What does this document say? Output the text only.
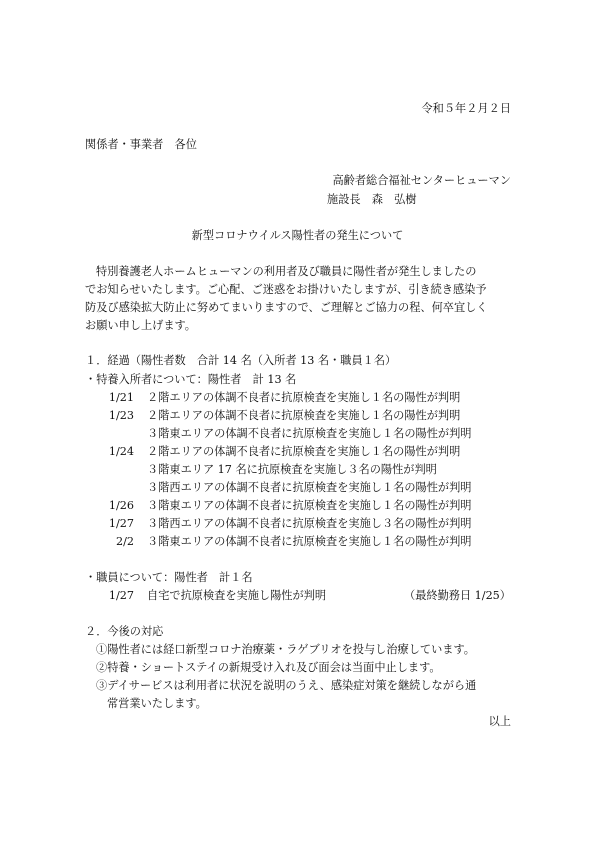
令和５年２月２日
関係者・事業者　各位
高齢者総合福祉センターヒューマン
施設長　森　弘樹
新型コロナウイルス陽性者の発生について
特別養護老人ホームヒューマンの利用者及び職員に陽性者が発生しましたの
でお知らせいたします。ご心配、ご迷惑をお掛けいたしますが、引き続き感染予
防及び感染拡大防止に努めてまいりますので、ご理解とご協力の程、何卒宜しく
お願い申し上げます。
１．経過（陽性者数　合計 14 名（入所者 13 名・職員１名）
・特養入所者について：陽性者　計 13 名
1/21 ２階エリアの体調不良者に抗原検査を実施し１名の陽性が判明
1/23 ２階エリアの体調不良者に抗原検査を実施し１名の陽性が判明
３階東エリアの体調不良者に抗原検査を実施し１名の陽性が判明
1/24 ２階エリアの体調不良者に抗原検査を実施し１名の陽性が判明
３階東エリア 17 名に抗原検査を実施し３名の陽性が判明
３階西エリアの体調不良者に抗原検査を実施し１名の陽性が判明
1/26 ３階東エリアの体調不良者に抗原検査を実施し１名の陽性が判明
1/27 ３階西エリアの体調不良者に抗原検査を実施し３名の陽性が判明
2/2 ３階東エリアの体調不良者に抗原検査を実施し１名の陽性が判明
・職員について：陽性者　計１名
1/27 自宅で抗原検査を実施し陽性が判明	（最終勤務日 1/25）
２．今後の対応
①陽性者には経口新型コロナ治療薬・ラゲブリオを投与し治療しています。
②特養・ショートステイの新規受け入れ及び面会は当面中止します。
③デイサービスは利用者に状況を説明のうえ、感染症対策を継続しながら通
常営業いたします。
以上
